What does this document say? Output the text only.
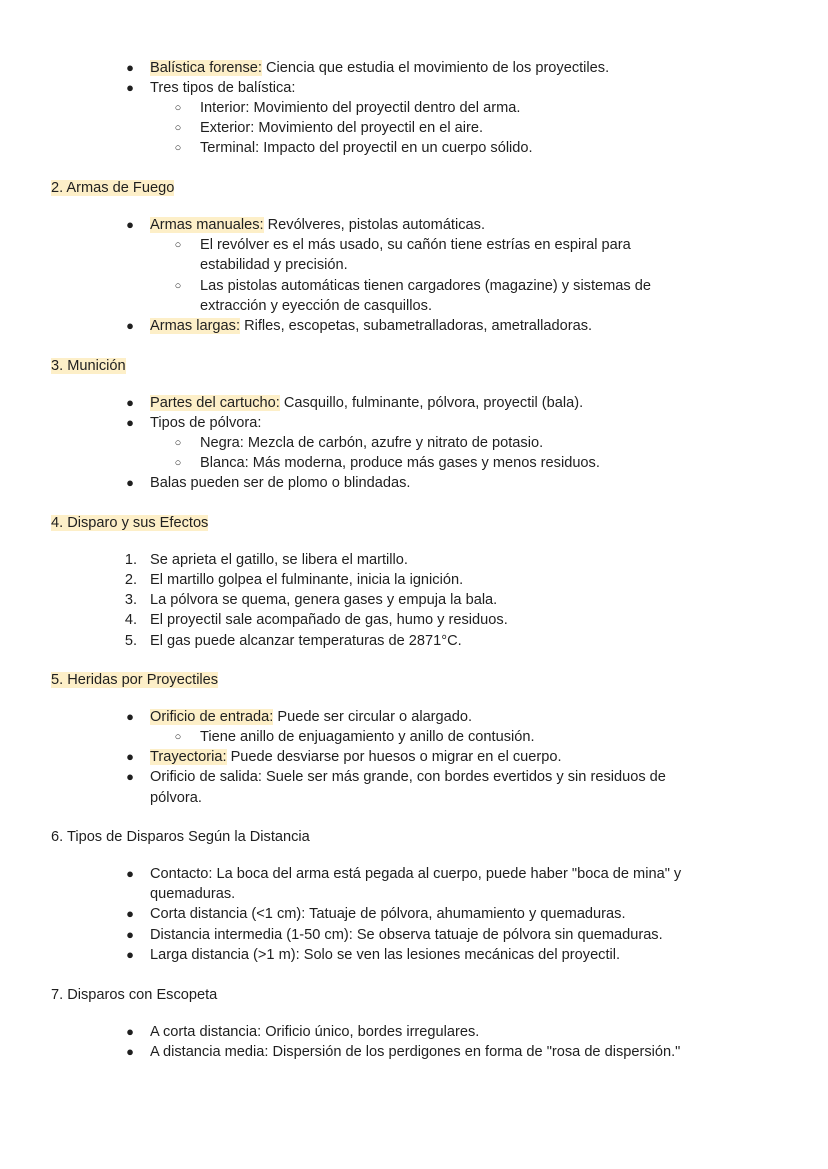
●	Balística forense: Ciencia que estudia el movimiento de los proyectiles.
●	Tres tipos de balística:
○	Interior: Movimiento del proyectil dentro del arma.
○	Exterior: Movimiento del proyectil en el aire.
○	Terminal: Impacto del proyectil en un cuerpo sólido.
2. Armas de Fuego
●	Armas manuales: Revólveres, pistolas automáticas.
○	El revólver es el más usado, su cañón tiene estrías en espiral para
estabilidad y precisión.
○	Las pistolas automáticas tienen cargadores (magazine) y sistemas de
extracción y eyección de casquillos.
●	Armas largas: Rifles, escopetas, subametralladoras, ametralladoras.
3. Munición
●	Partes del cartucho: Casquillo, fulminante, pólvora, proyectil (bala).
●	Tipos de pólvora:
○	Negra: Mezcla de carbón, azufre y nitrato de potasio.
○	Blanca: Más moderna, produce más gases y menos residuos.
●	Balas pueden ser de plomo o blindadas.
4. Disparo y sus Efectos
1. Se aprieta el gatillo, se libera el martillo.
2. El martillo golpea el fulminante, inicia la ignición.
3. La pólvora se quema, genera gases y empuja la bala.
4. El proyectil sale acompañado de gas, humo y residuos.
5. El gas puede alcanzar temperaturas de 2871°C.
5. Heridas por Proyectiles
●	Orificio de entrada: Puede ser circular o alargado.
○	Tiene anillo de enjuagamiento y anillo de contusión.
●	Trayectoria: Puede desviarse por huesos o migrar en el cuerpo.
●	Orificio de salida: Suele ser más grande, con bordes evertidos y sin residuos de
pólvora.
6. Tipos de Disparos Según la Distancia
●	Contacto: La boca del arma está pegada al cuerpo, puede haber "boca de mina" y
quemaduras.
●	Corta distancia (<1 cm): Tatuaje de pólvora, ahumamiento y quemaduras.
●	Distancia intermedia (1-50 cm): Se observa tatuaje de pólvora sin quemaduras.
●	Larga distancia (>1 m): Solo se ven las lesiones mecánicas del proyectil.
7. Disparos con Escopeta
●	A corta distancia: Orificio único, bordes irregulares.
●	A distancia media: Dispersión de los perdigones en forma de "rosa de dispersión."
